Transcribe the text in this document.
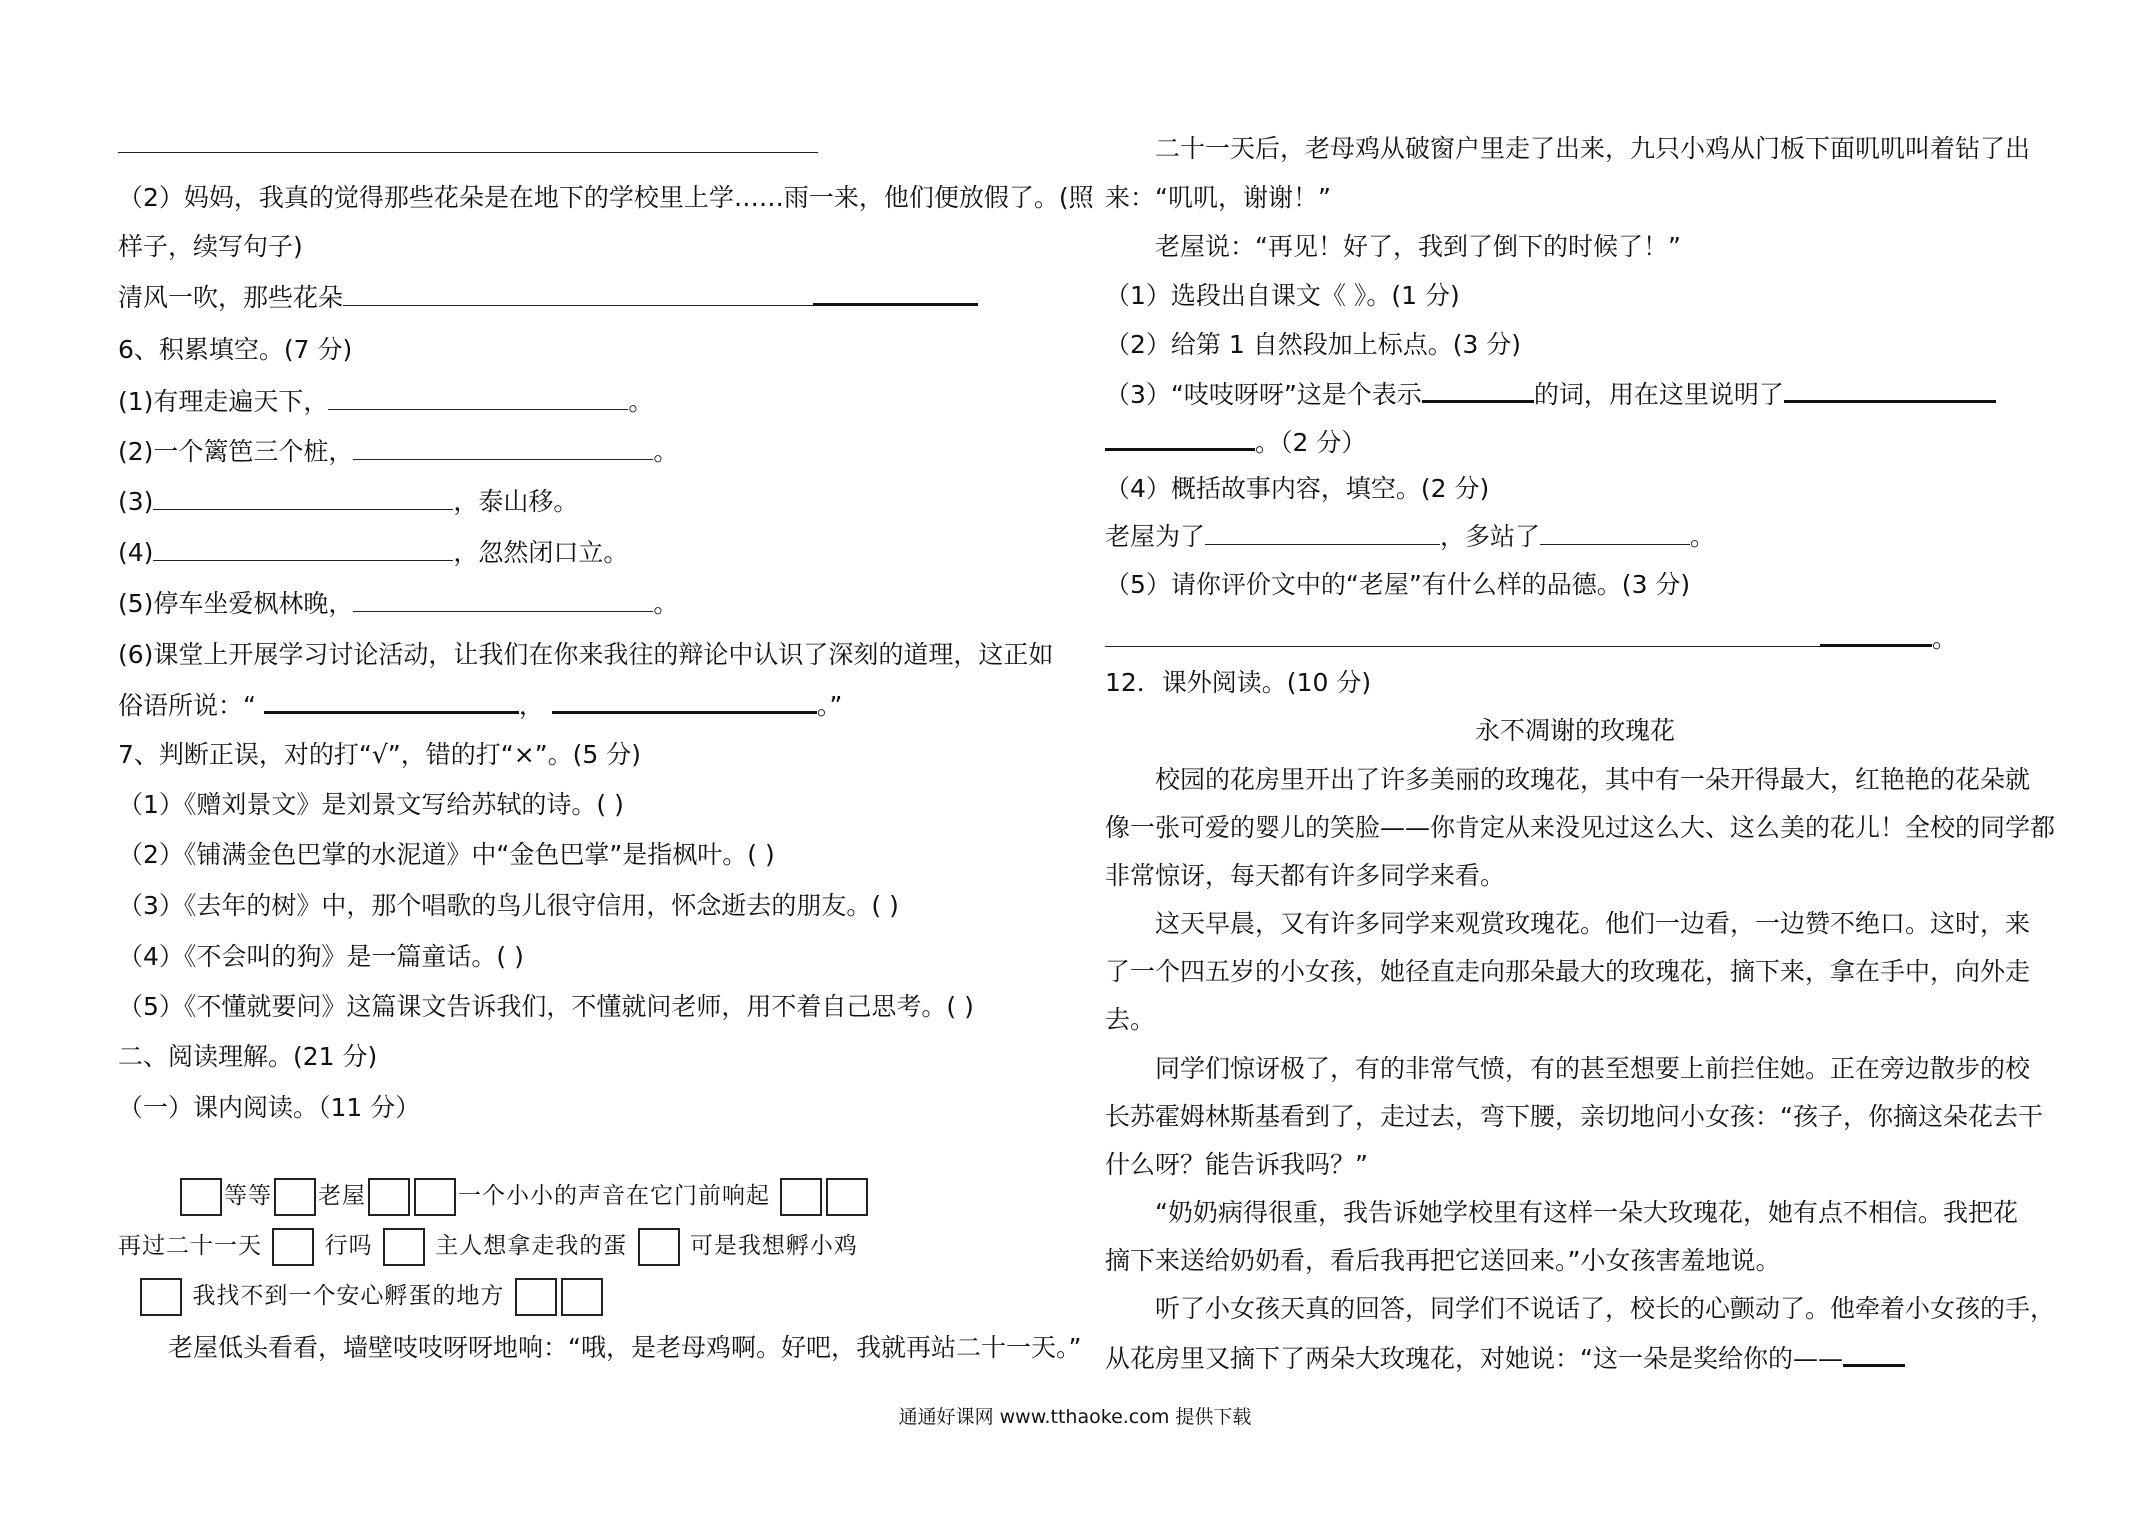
（2）妈妈，我真的觉得那些花朵是在地下的学校里上学……雨一来，他们便放假了。(照
样子，续写句子)
清风一吹，那些花朵
6、积累填空。(7 分)
(1)有理走遍天下，	。
(2)一个篱笆三个桩，	。
(3)	，泰山移。
(4)	，忽然闭口立。
(5)停车坐爱枫林晚，	。
(6)课堂上开展学习讨论活动，让我们在你来我往的辩论中认识了深刻的道理，这正如
俗语所说：“	，	。”
7、判断正误，对的打“√”，错的打“×”。(5 分)
（1）《赠刘景文》是刘景文写给苏轼的诗。( )
（2）《铺满金色巴掌的水泥道》中“金色巴掌”是指枫叶。( )
（3）《去年的树》中，那个唱歌的鸟儿很守信用，怀念逝去的朋友。( )
（4）《不会叫的狗》是一篇童话。( )
（5）《不懂就要问》这篇课文告诉我们，不懂就问老师，用不着自己思考。( )
二、阅读理解。(21 分)
（一）课内阅读。（11 分）
等等 老屋	一个小小的声音在它门前响起
再过二十一天	行吗	主人想拿走我的蛋	可是我想孵小鸡
我找不到一个安心孵蛋的地方
老屋低头看看，墙壁吱吱呀呀地响：“哦，是老母鸡啊。好吧，我就再站二十一天。”
二十一天后，老母鸡从破窗户里走了出来，九只小鸡从门板下面叽叽叫着钻了出
来：“叽叽，谢谢！”
老屋说：“再见！好了，我到了倒下的时候了！”
（1）选段出自课文《 》。(1 分)
（2）给第 1 自然段加上标点。(3 分)
（3）“吱吱呀呀”这是个表示	的词，用在这里说明了
。（2 分）
（4）概括故事内容，填空。(2 分)
老屋为了	，多站了	。
（5）请你评价文中的“老屋”有什么样的品德。(3 分)
。
12．课外阅读。(10 分)
永不凋谢的玫瑰花
校园的花房里开出了许多美丽的玫瑰花，其中有一朵开得最大，红艳艳的花朵就
像一张可爱的婴儿的笑脸——你肯定从来没见过这么大、这么美的花儿！全校的同学都
非常惊讶，每天都有许多同学来看。
这天早晨，又有许多同学来观赏玫瑰花。他们一边看，一边赞不绝口。这时，来
了一个四五岁的小女孩，她径直走向那朵最大的玫瑰花，摘下来，拿在手中，向外走
去。
同学们惊讶极了，有的非常气愤，有的甚至想要上前拦住她。正在旁边散步的校
长苏霍姆林斯基看到了，走过去，弯下腰，亲切地问小女孩：“孩子，你摘这朵花去干
什么呀？能告诉我吗？”
“奶奶病得很重，我告诉她学校里有这样一朵大玫瑰花，她有点不相信。我把花
摘下来送给奶奶看，看后我再把它送回来。”小女孩害羞地说。
听了小女孩天真的回答，同学们不说话了，校长的心颤动了。他牵着小女孩的手，
从花房里又摘下了两朵大玫瑰花，对她说：“这一朵是奖给你的——
通通好课网 www.tthaoke.com 提供下载
